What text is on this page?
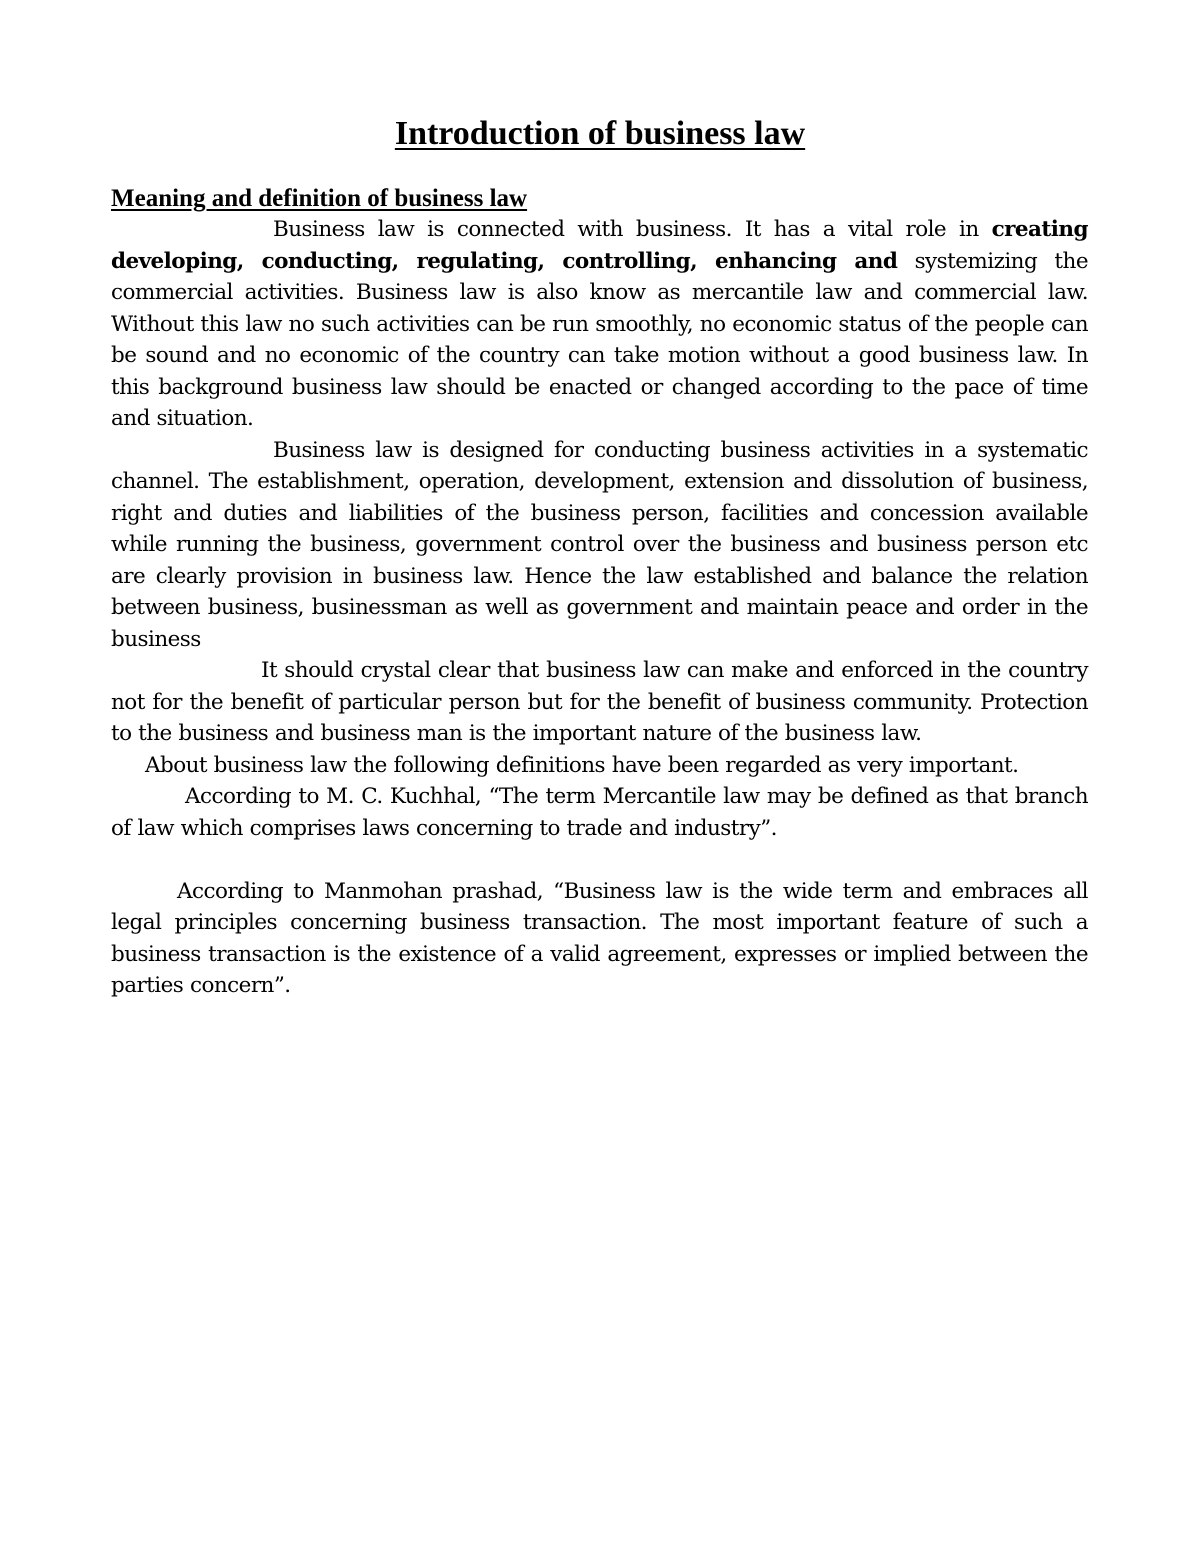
Introduction of business law

Meaning and definition of business law

Business law is connected with business. It has a vital role in creating developing, conducting, regulating, controlling, enhancing and systemizing the commercial activities. Business law is also know as mercantile law and commercial law. Without this law no such activities can be run smoothly, no economic status of the people can be sound and no economic of the country can take motion without a good business law. In this background business law should be enacted or changed according to the pace of time and situation.

Business law is designed for conducting business activities in a systematic channel. The establishment, operation, development, extension and dissolution of business, right and duties and liabilities of the business person, facilities and concession available while running the business, government control over the business and business person etc are clearly provision in business law. Hence the law established and balance the relation between business, businessman as well as government and maintain peace and order in the business

It should crystal clear that business law can make and enforced in the country not for the benefit of particular person but for the benefit of business community. Protection to the business and business man is the important nature of the business law.

About business law the following definitions have been regarded as very important.

According to M. C. Kuchhal, “The term Mercantile law may be defined as that branch of law which comprises laws concerning to trade and industry”.

According to Manmohan prashad, “Business law is the wide term and embraces all legal principles concerning business transaction. The most important feature of such a business transaction is the existence of a valid agreement, expresses or implied between the parties concern”.
